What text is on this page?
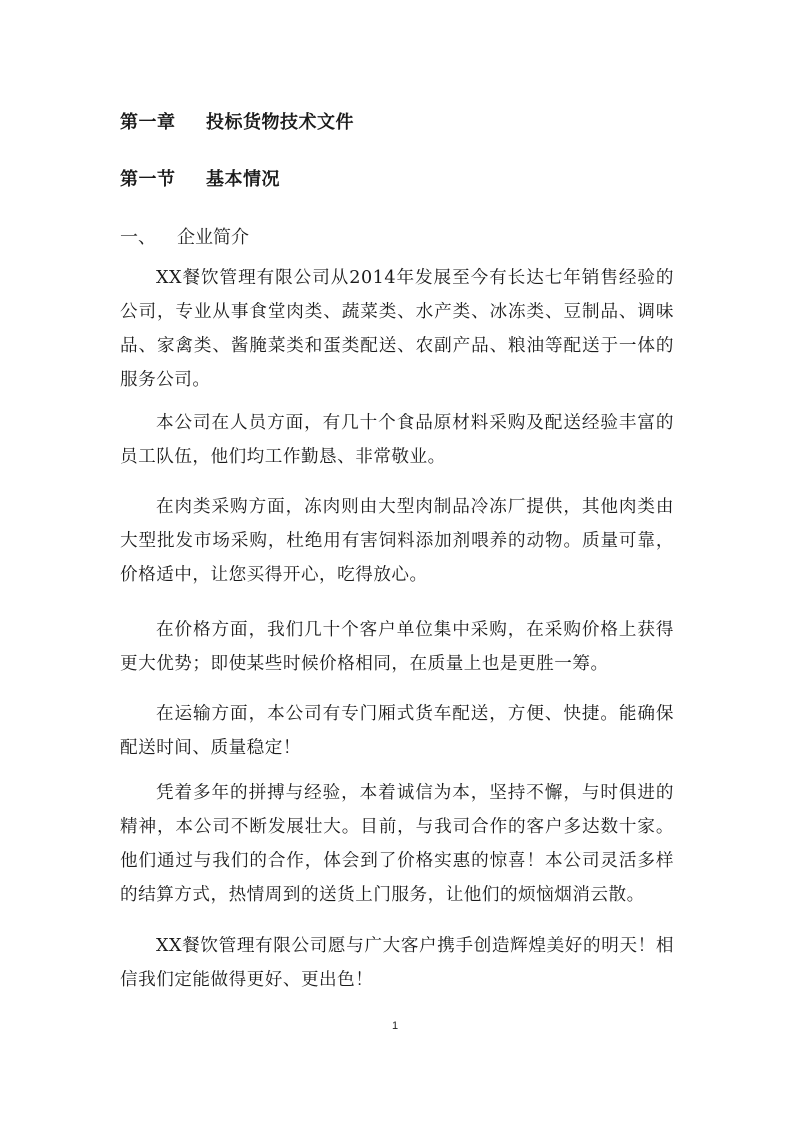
第一章 投标货物技术文件
第一节 基本情况
一、 企业简介

XX餐饮管理有限公司从2014年发展至今有长达七年销售经验的公司，专业从事食堂肉类、蔬菜类、水产类、冰冻类、豆制品、调味品、家禽类、酱腌菜类和蛋类配送、农副产品、粮油等配送于一体的服务公司。

本公司在人员方面，有几十个食品原材料采购及配送经验丰富的员工队伍，他们均工作勤恳、非常敬业。

在肉类采购方面，冻肉则由大型肉制品冷冻厂提供，其他肉类由大型批发市场采购，杜绝用有害饲料添加剂喂养的动物。质量可靠，价格适中，让您买得开心，吃得放心。

在价格方面，我们几十个客户单位集中采购，在采购价格上获得更大优势；即使某些时候价格相同，在质量上也是更胜一筹。

在运输方面，本公司有专门厢式货车配送，方便、快捷。能确保配送时间、质量稳定！

凭着多年的拼搏与经验，本着诚信为本，坚持不懈，与时俱进的精神，本公司不断发展壮大。目前，与我司合作的客户多达数十家。他们通过与我们的合作，体会到了价格实惠的惊喜！本公司灵活多样的结算方式，热情周到的送货上门服务，让他们的烦恼烟消云散。

XX餐饮管理有限公司愿与广大客户携手创造辉煌美好的明天！相信我们定能做得更好、更出色！

1
